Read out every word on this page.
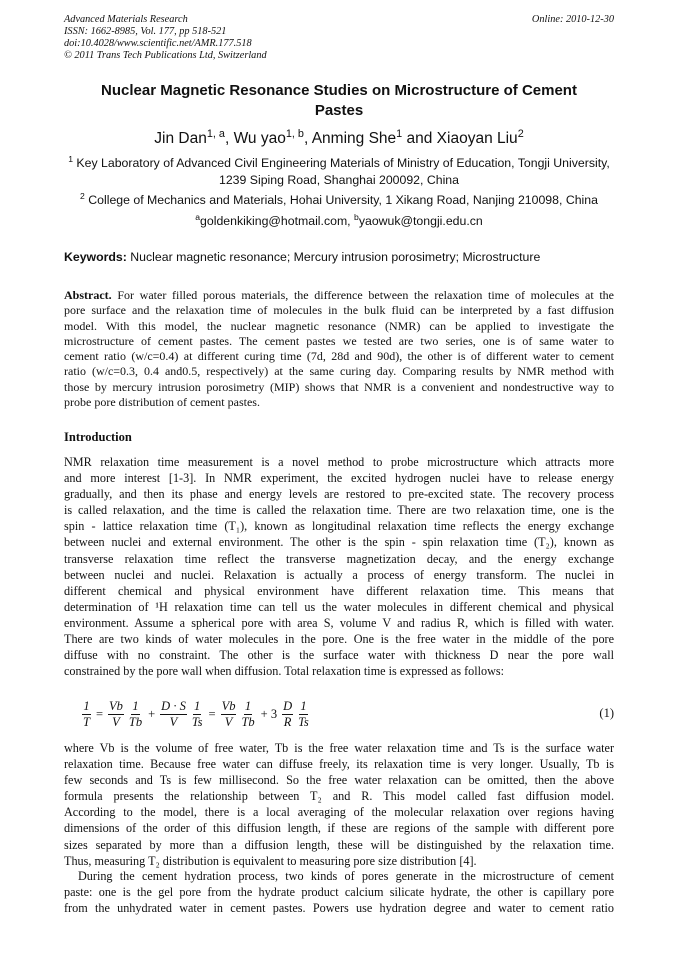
Advanced Materials Research
ISSN: 1662-8985, Vol. 177, pp 518-521
doi:10.4028/www.scientific.net/AMR.177.518
© 2011 Trans Tech Publications Ltd, Switzerland
Online: 2010-12-30
Nuclear Magnetic Resonance Studies on Microstructure of Cement
Pastes
Jin Dan$^{1, a}$, Wu yao$^{1, b}$, Anming She$^1$ and Xiaoyan Liu$^2$
$^1$ Key Laboratory of Advanced Civil Engineering Materials of Ministry of Education, Tongji University,
1239 Siping Road, Shanghai 200092, China
$^2$ College of Mechanics and Materials, Hohai University, 1 Xikang Road, Nanjing 210098, China
$^a$goldenkiking@hotmail.com, $^b$yaowuk@tongji.edu.cn
Keywords: Nuclear magnetic resonance; Mercury intrusion porosimetry; Microstructure
Abstract. For water filled porous materials, the difference between the relaxation time of molecules at the
pore surface and the relaxation time of molecules in the bulk fluid can be interpreted by a fast diffusion
model. With this model, the nuclear magnetic resonance (NMR) can be applied to investigate the
microstructure of cement pastes. The cement pastes we tested are two series, one is of same water to
cement ratio (w/c=0.4) at different curing time (7d, 28d and 90d), the other is of different water to cement
ratio (w/c=0.3, 0.4 and0.5, respectively) at the same curing day. Comparing results by NMR method with
those by mercury intrusion porosimetry (MIP) shows that NMR is a convenient and nondestructive way to
probe pore distribution of cement pastes.
Introduction
NMR relaxation time measurement is a novel method to probe microstructure which attracts more
and more interest [1-3]. In NMR experiment, the excited hydrogen nuclei have to release energy
gradually, and then its phase and energy levels are restored to pre-excited state. The recovery process
is called relaxation, and the time is called the relaxation time. There are two relaxation time, one is the
spin - lattice relaxation time (T₁), known as longitudinal relaxation time reflects the energy exchange
between nuclei and external environment. The other is the spin - spin relaxation time (T₂), known as
transverse relaxation time reflect the transverse magnetization decay, and the energy exchange
between nuclei and nuclei. Relaxation is actually a process of energy transform. The nuclei in
different chemical and physical environment have different relaxation time. This means that
determination of ¹H relaxation time can tell us the water molecules in different chemical and physical
environment. Assume a spherical pore with area S, volume V and radius R, which is filled with water.
There are two kinds of water molecules in the pore. One is the free water in the middle of the pore
diffuse with no constraint. The other is the surface water with thickness D near the pore wall
constrained by the pore wall when diffusion. Total relaxation time is expressed as follows:
$\frac{1}{T} = \frac{Vb}{V} \frac{1}{Tb} + \frac{D \cdot S}{V} \frac{1}{Ts} = \frac{Vb}{V} \frac{1}{Tb} + 3 \frac{D}{R} \frac{1}{Ts}$	(1)
where Vb is the volume of free water, Tb is the free water relaxation time and Ts is the surface water
relaxation time. Because free water can diffuse freely, its relaxation time is very longer. Usually, Tb is
few seconds and Ts is few millisecond. So the free water relaxation can be omitted, then the above
formula presents the relationship between T₂ and R. This model called fast diffusion model.
According to the model, there is a local averaging of the molecular relaxation over regions having
dimensions of the order of this diffusion length, if these are regions of the sample with different pore
sizes separated by more than a diffusion length, these will be distinguished by the relaxation time.
Thus, measuring T₂ distribution is equivalent to measuring pore size distribution [4].
During the cement hydration process, two kinds of pores generate in the microstructure of cement
paste: one is the gel pore from the hydrate product calcium silicate hydrate, the other is capillary pore
from the unhydrated water in cement pastes. Powers use hydration degree and water to cement ratio
